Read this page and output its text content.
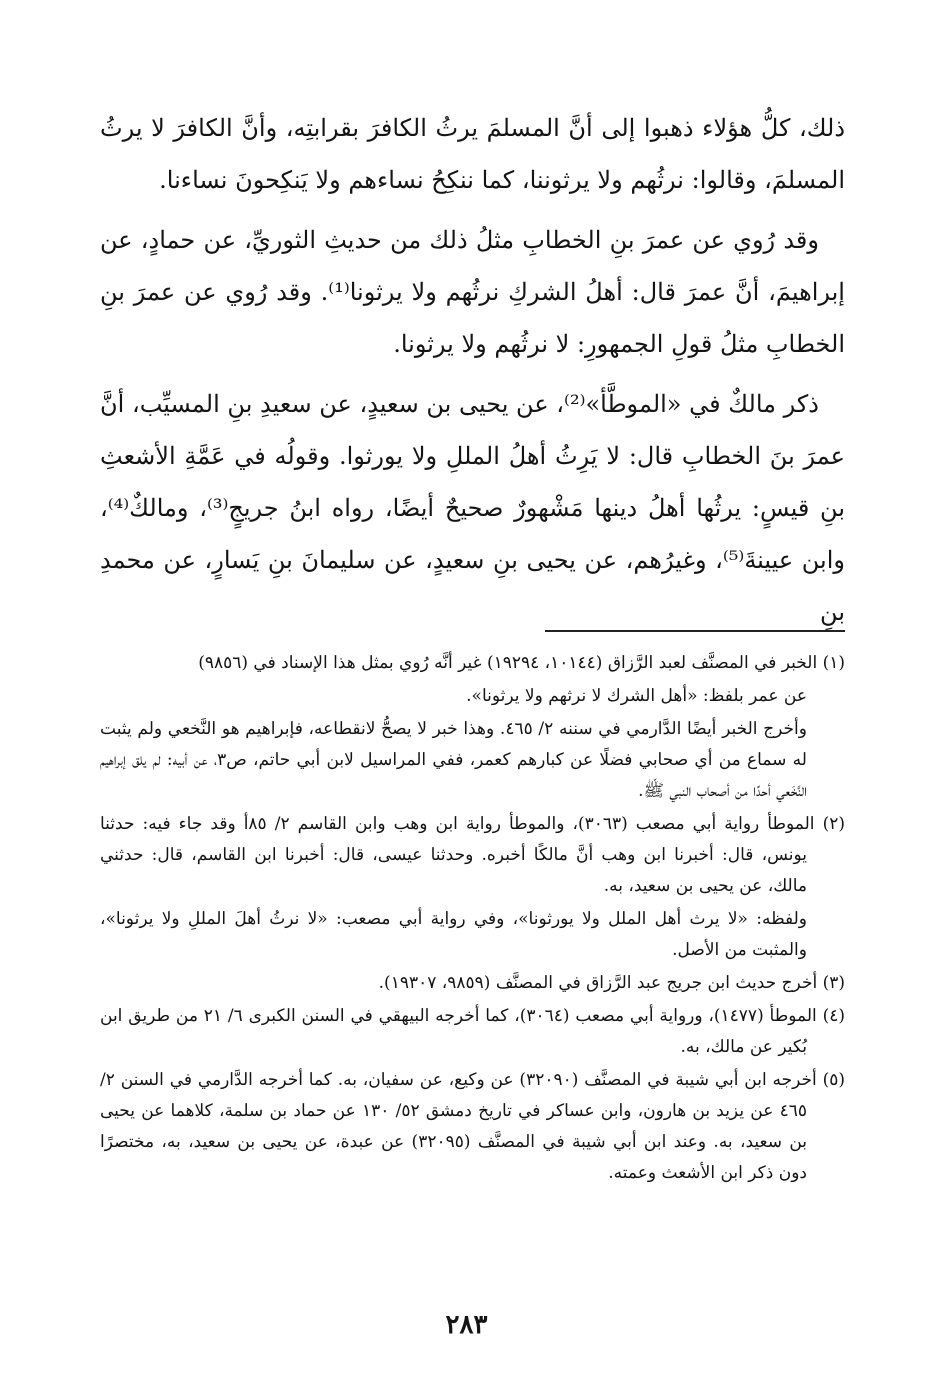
ذلك، كلُّ هؤلاء ذهبوا إلى أنَّ المسلمَ يرثُ الكافرَ بقرابتِه، وأنَّ الكافرَ لا يرثُ المسلمَ، وقالوا: نرثُهم ولا يرثوننا، كما ننكِحُ نساءهم ولا يَنكِحونَ نساءنا.

وقد رُوي عن عمرَ بنِ الخطابِ مثلُ ذلك من حديثِ الثوريِّ، عن حمادٍ، عن إبراهيمَ، أنَّ عمرَ قال: أهلُ الشركِ نرثُهم ولا يرثونا⁽¹⁾. وقد رُوي عن عمرَ بنِ الخطابِ مثلُ قولِ الجمهورِ: لا نرثُهم ولا يرثونا.

ذكر مالكٌ في «الموطَّأ»⁽²⁾، عن يحيى بن سعيدٍ، عن سعيدِ بنِ المسيِّب، أنَّ عمرَ بنَ الخطابِ قال: لا يَرِثُ أهلُ المللِ ولا يورثوا. وقولُه في عَمَّةِ الأشعثِ بنِ قيسٍ: يرثُها أهلُ دينها مَشْهورٌ صحيحٌ أيضًا، رواه ابنُ جريجٍ⁽³⁾، ومالكٌ⁽⁴⁾، وابن عيينةَ⁽⁵⁾، وغيرُهم، عن يحيى بنِ سعيدٍ، عن سليمانَ بنِ يَسارٍ، عن محمدِ بنِ

(١) الخبر في المصنَّف لعبد الرَّزاق (١٠١٤٤، ١٩٢٩٤) غير أنَّه رُوي بمثل هذا الإسناد في (٩٨٥٦)
عن عمر بلفظ: «أهل الشرك لا نرثهم ولا يرثونا».
وأخرج الخبر أيضًا الدَّارمي في سننه ٢/ ٤٦٥. وهذا خبر لا يصحُّ لانقطاعه، فإبراهيم هو النَّخعي ولم يثبت له سماع من أي صحابي فضلًا عن كبارهم كعمر، ففي المراسيل لابن أبي حاتم، ص٣، عن أبيه: لم يلق إبراهيم النَّخَعي أحدًا من أصحاب النبي ﷺ.
(٢) الموطأ رواية أبي مصعب (٣٠٦٣)، والموطأ رواية ابن وهب وابن القاسم ٢/ ٨٥أ وقد جاء فيه: حدثنا يونس، قال: أخبرنا ابن وهب أنَّ مالكًا أخبره. وحدثنا عيسى، قال: أخبرنا ابن القاسم، قال: حدثني مالك، عن يحيى بن سعيد، به.
ولفظه: «لا يرث أهل الملل ولا يورثونا»، وفي رواية أبي مصعب: «لا نرثُ أهلَ المللِ ولا يرثونا»، والمثبت من الأصل.
(٣) أخرج حديث ابن جريج عبد الرَّزاق في المصنَّف (٩٨٥٩، ١٩٣٠٧).
(٤) الموطأ (١٤٧٧)، ورواية أبي مصعب (٣٠٦٤)، كما أخرجه البيهقي في السنن الكبرى ٦/ ٢١ من طريق ابن بُكير عن مالك، به.
(٥) أخرجه ابن أبي شيبة في المصنَّف (٣٢٠٩٠) عن وكيع، عن سفيان، به. كما أخرجه الدَّارمي في السنن ٢/ ٤٦٥ عن يزيد بن هارون، وابن عساكر في تاريخ دمشق ٥٢/ ١٣٠ عن حماد بن سلمة، كلاهما عن يحيى بن سعيد، به. وعند ابن أبي شيبة في المصنَّف (٣٢٠٩٥) عن عبدة، عن يحيى بن سعيد، به، مختصرًا دون ذكر ابن الأشعث وعمته.
٢٨٣
